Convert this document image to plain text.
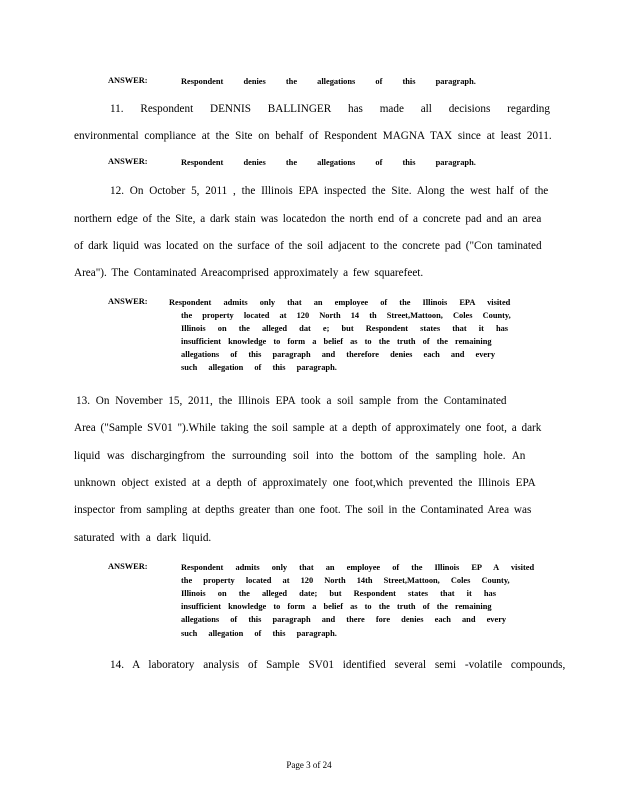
ANSWER:	Respondent denies the allegations of this paragraph.
11. Respondent DENNIS BALLINGER has made all decisions regarding
environmental compliance at the Site on behalf of Respondent MAGNA TAX since at least 2011.
ANSWER:	Respondent denies the allegations of this paragraph.
12. On October 5, 2011 , the Illinois EPA inspected the Site. Along the west half of the
northern edge of the Site, a dark stain was locatedon the north end of a concrete pad and an area
of dark liquid was located on the surface of the soil adjacent to the concrete pad ("Con taminated
Area"). The Contaminated Areacomprised approximately a few squarefeet.
ANSWER:	Respondent admits only that an employee of the Illinois EPA visited
the property located at 120 North 14 th Street,Mattoon, Coles County,
Illinois on the alleged dat e; but Respondent states that it has
insufficient knowledge to form a belief as to the truth of the remaining
allegations of this paragraph and therefore denies each and every
such allegation of this paragraph.
13. On November 15, 2011, the Illinois EPA took a soil sample from the Contaminated
Area ("Sample SV01 ").While taking the soil sample at a depth of approximately one foot, a dark
liquid was dischargingfrom the surrounding soil into the bottom of the sampling hole. An
unknown object existed at a depth of approximately one foot,which prevented the Illinois EPA
inspector from sampling at depths greater than one foot. The soil in the Contaminated Area was
saturated with a dark liquid.
ANSWER:	Respondent admits only that an employee of the Illinois EP A visited
the property located at 120 North 14th Street,Mattoon, Coles County,
Illinois on the alleged date; but Respondent states that it has
insufficient knowledge to form a belief as to the truth of the remaining
allegations of this paragraph and there fore denies each and every
such allegation of this paragraph.
14. A laboratory analysis of Sample SV01 identified several semi -volatile compounds,
Page 3 of 24
